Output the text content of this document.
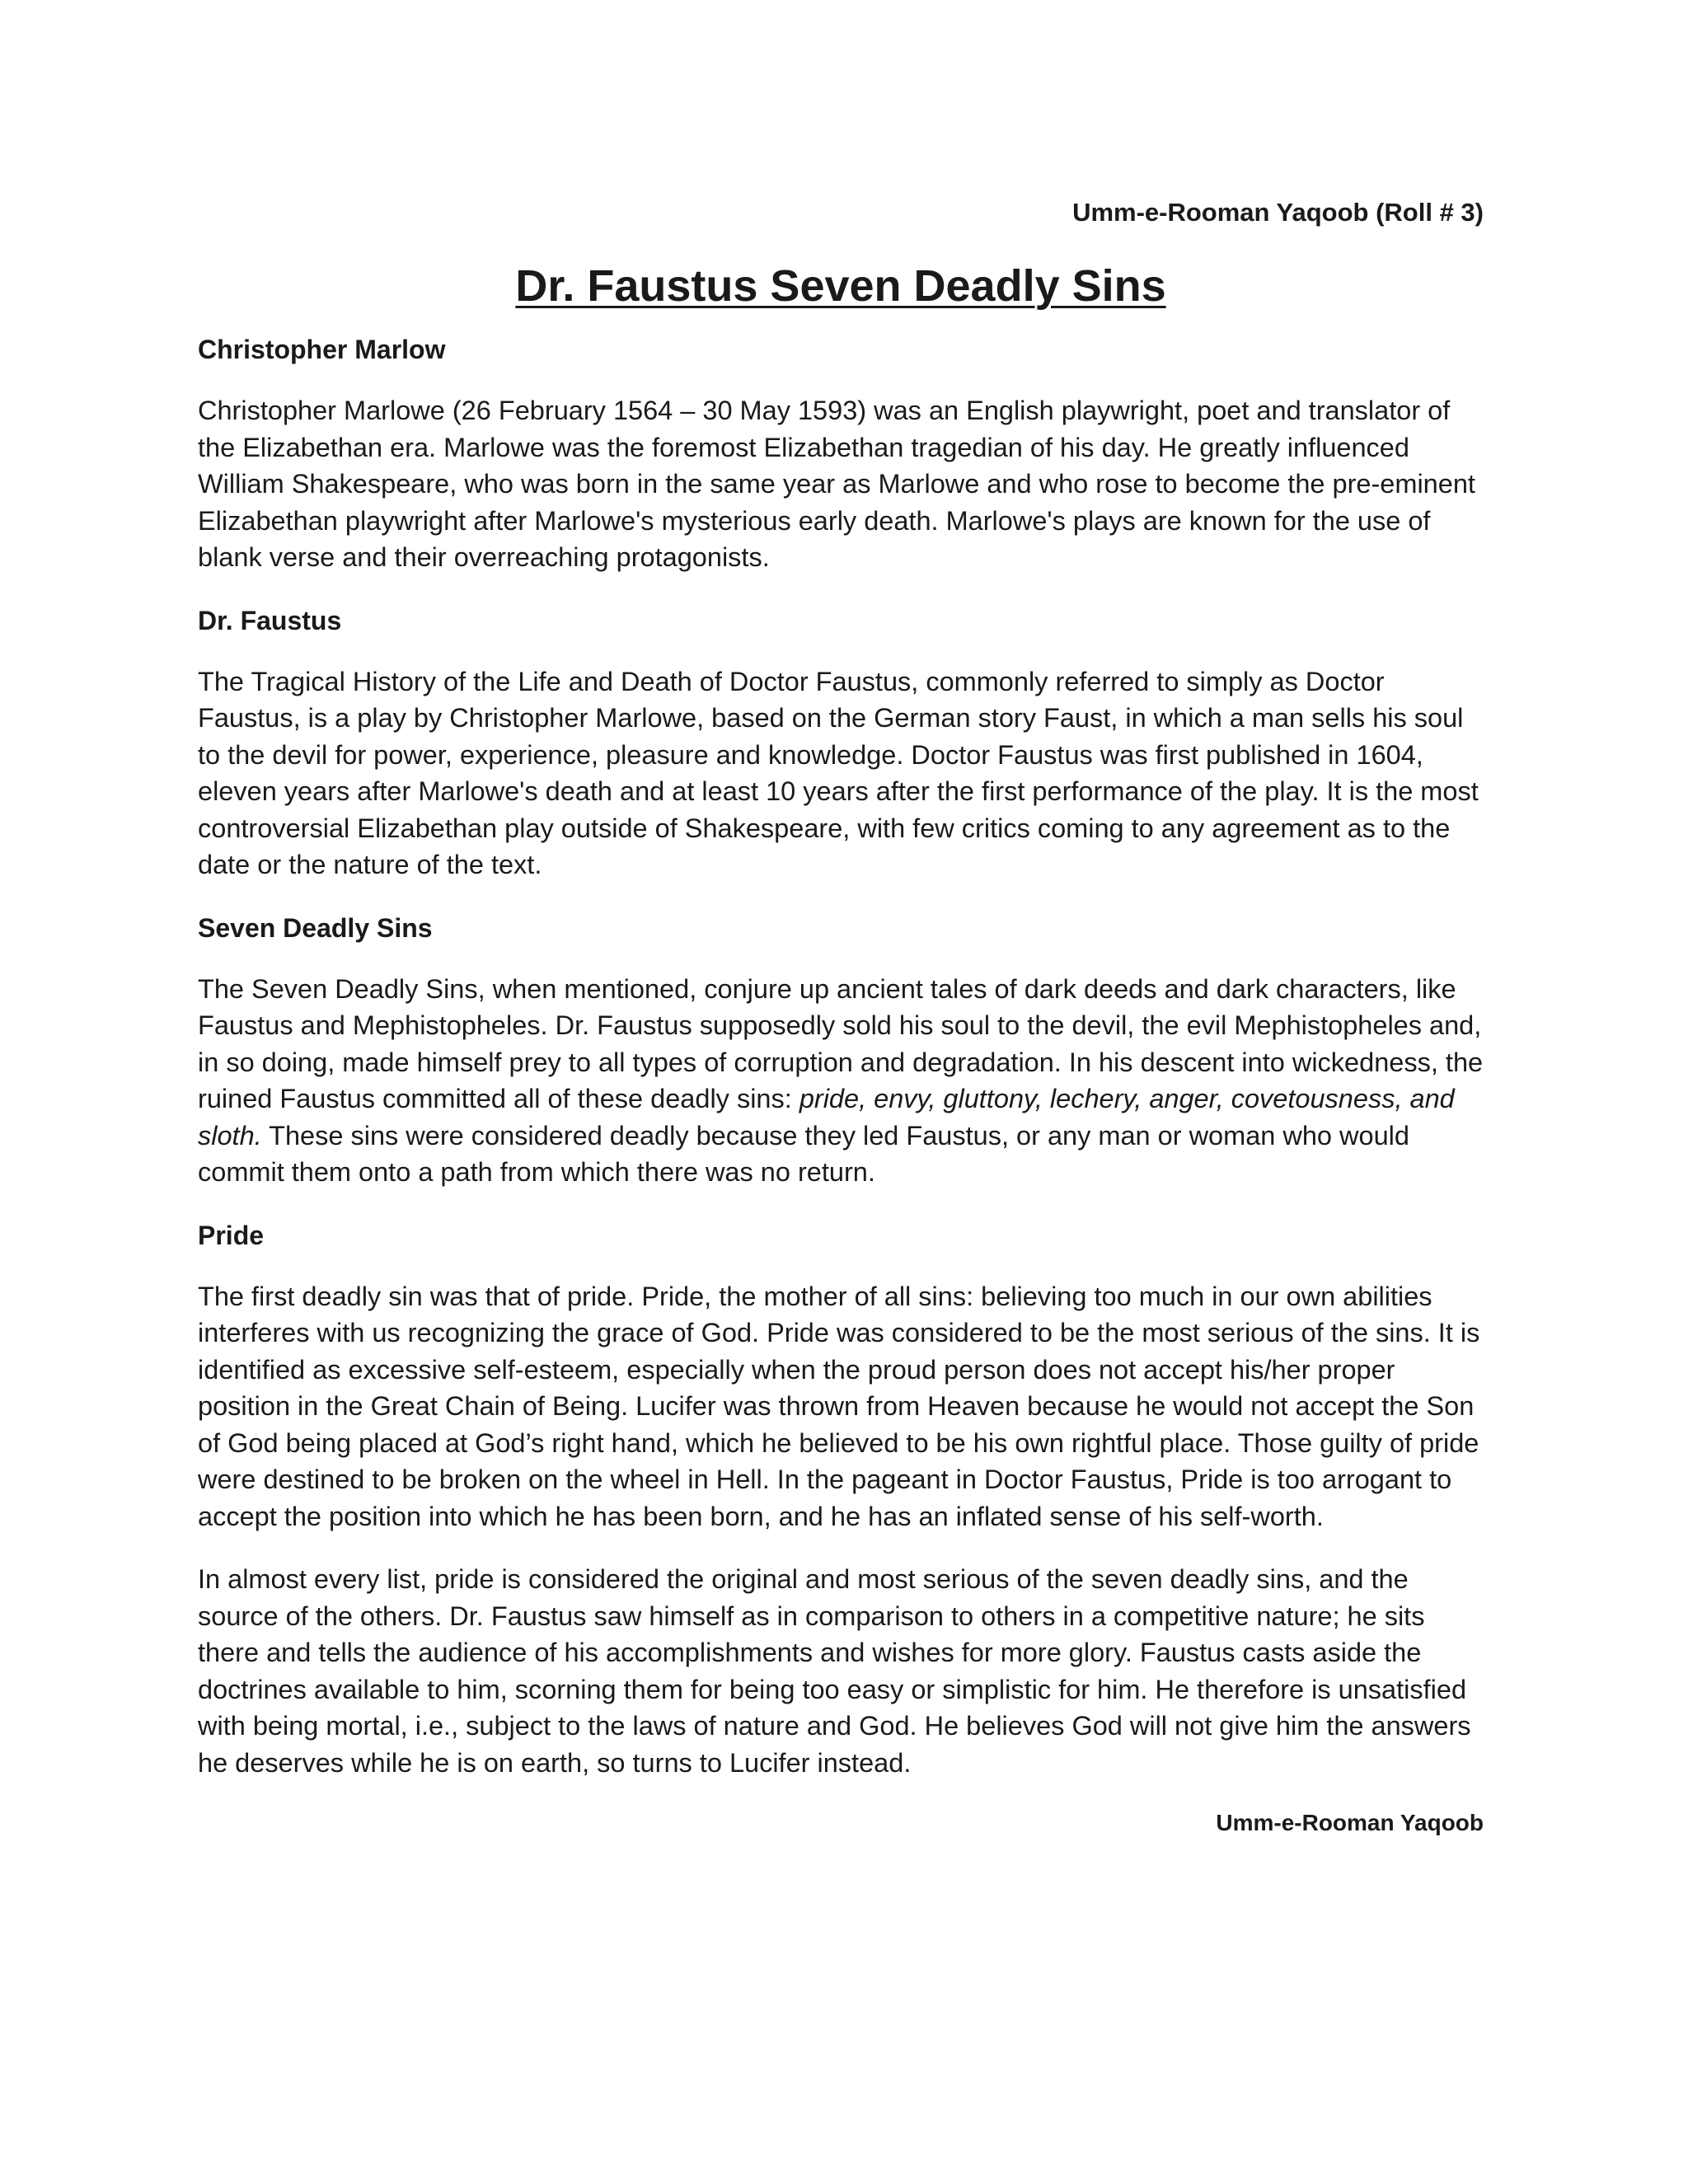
Umm-e-Rooman Yaqoob (Roll # 3)
Dr. Faustus Seven Deadly Sins
Christopher Marlow

Christopher Marlowe (26 February 1564 – 30 May 1593) was an English playwright, poet and translator of the Elizabethan era. Marlowe was the foremost Elizabethan tragedian of his day. He greatly influenced William Shakespeare, who was born in the same year as Marlowe and who rose to become the pre-eminent Elizabethan playwright after Marlowe's mysterious early death. Marlowe's plays are known for the use of blank verse and their overreaching protagonists.

Dr. Faustus

The Tragical History of the Life and Death of Doctor Faustus, commonly referred to simply as Doctor Faustus, is a play by Christopher Marlowe, based on the German story Faust, in which a man sells his soul to the devil for power, experience, pleasure and knowledge. Doctor Faustus was first published in 1604, eleven years after Marlowe's death and at least 10 years after the first performance of the play. It is the most controversial Elizabethan play outside of Shakespeare, with few critics coming to any agreement as to the date or the nature of the text.

Seven Deadly Sins

The Seven Deadly Sins, when mentioned, conjure up ancient tales of dark deeds and dark characters, like Faustus and Mephistopheles. Dr. Faustus supposedly sold his soul to the devil, the evil Mephistopheles and, in so doing, made himself prey to all types of corruption and degradation. In his descent into wickedness, the ruined Faustus committed all of these deadly sins: pride, envy, gluttony, lechery, anger, covetousness, and sloth. These sins were considered deadly because they led Faustus, or any man or woman who would commit them onto a path from which there was no return.

Pride

The first deadly sin was that of pride. Pride, the mother of all sins: believing too much in our own abilities interferes with us recognizing the grace of God. Pride was considered to be the most serious of the sins. It is identified as excessive self-esteem, especially when the proud person does not accept his/her proper position in the Great Chain of Being. Lucifer was thrown from Heaven because he would not accept the Son of God being placed at God’s right hand, which he believed to be his own rightful place. Those guilty of pride were destined to be broken on the wheel in Hell. In the pageant in Doctor Faustus, Pride is too arrogant to accept the position into which he has been born, and he has an inflated sense of his self-worth.

In almost every list, pride is considered the original and most serious of the seven deadly sins, and the source of the others. Dr. Faustus saw himself as in comparison to others in a competitive nature; he sits there and tells the audience of his accomplishments and wishes for more glory. Faustus casts aside the doctrines available to him, scorning them for being too easy or simplistic for him. He therefore is unsatisfied with being mortal, i.e., subject to the laws of nature and God. He believes God will not give him the answers he deserves while he is on earth, so turns to Lucifer instead.

Umm-e-Rooman Yaqoob
